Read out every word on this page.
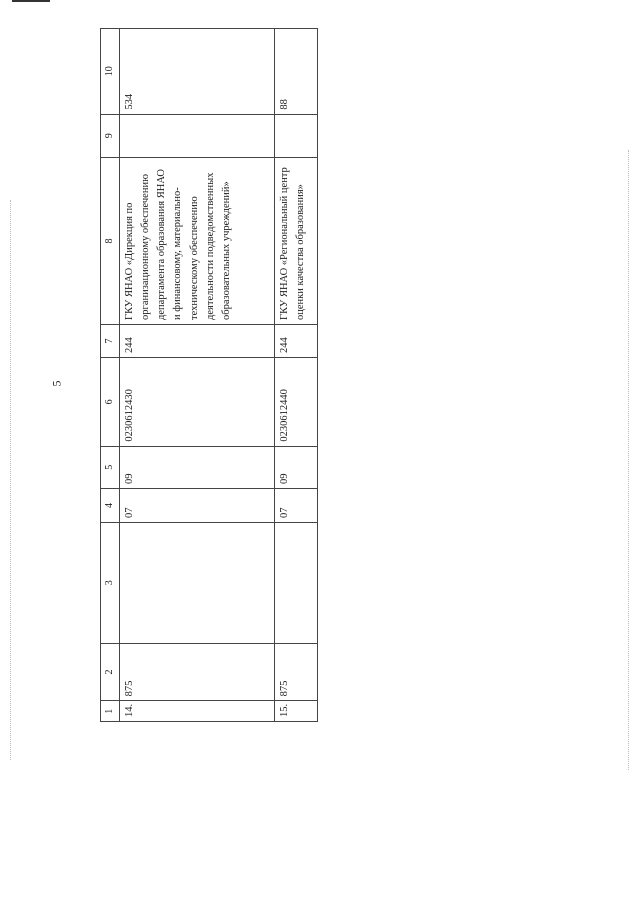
5
1	2	3	4	5	6	7	8	9	10
14.	875		07	09	0230612430	244	ГКУ ЯНАО «Дирекция по организационному обеспечению департамента образования ЯНАО и финансовому, материально-техническому обеспечению деятельности подведомственных образовательных учреждений»		534
15.	875		07	09	0230612440	244	ГКУ ЯНАО «Региональный центр оценки качества образования»		88
